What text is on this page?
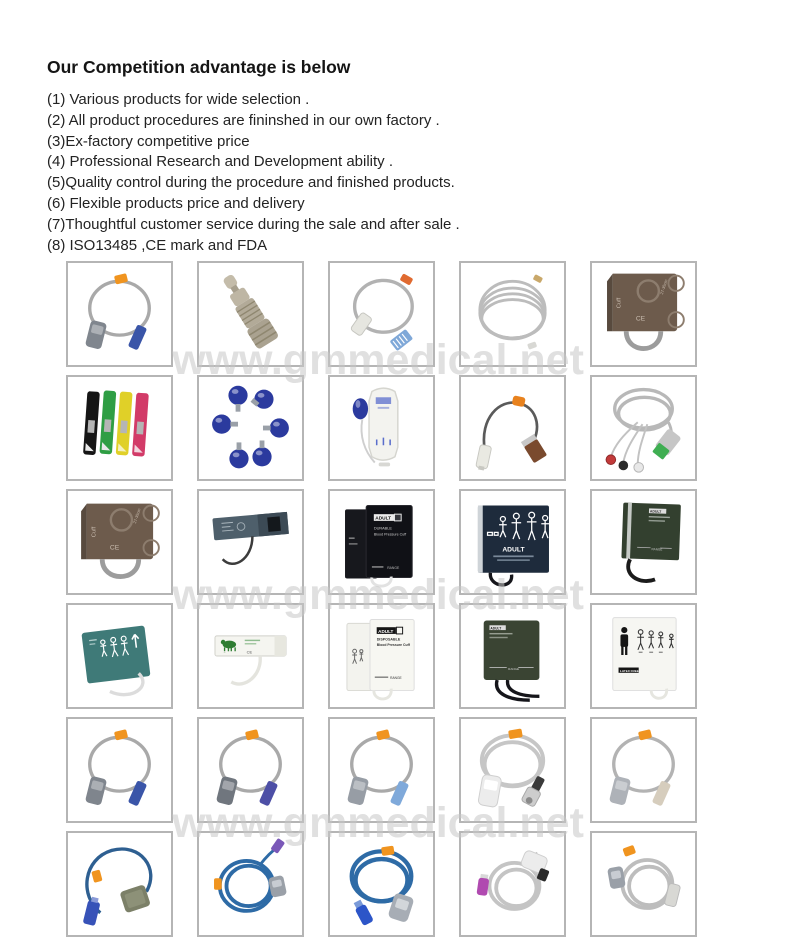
Our Competition advantage is below
(1) Various products for wide selection .
(2) All product procedures are fininshed in our own factory .
(3)Ex-factory competitive price
(4) Professional Research and Development ability .
(5)Quality control during the procedure and finished products.
(6) Flexible products price and delivery
(7)Thoughtful customer service during the sale and after sale .
(8) ISO13485 ,CE mark and FDA
Cuff
27-35cm
CE
Cuff
27-35cm
CE
ADULT
DURABLE
Blood Pressure Cuff
RANGE
ADULT
ADULT
RANGE
~	CE
ADULT
DISPOSABLE
Blood Pressure Cuff
RANGE
ADULT
RANGE	LATEX FREE
www.gmmedical.net
www.gmmedical.net
www.gmmedical.net
